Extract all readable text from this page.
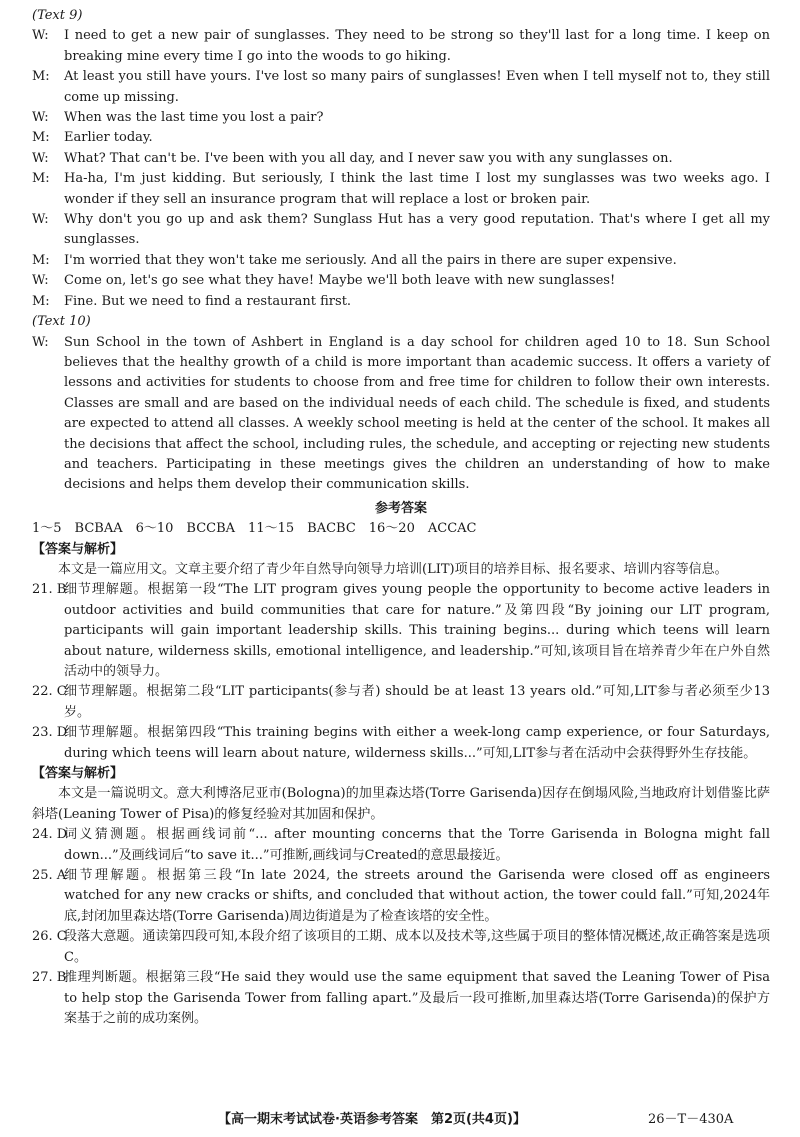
(Text 9)
W: I need to get a new pair of sunglasses. They need to be strong so they'll last for a long time. I keep on breaking mine every time I go into the woods to go hiking.
M: At least you still have yours. I've lost so many pairs of sunglasses! Even when I tell myself not to, they still come up missing.
W: When was the last time you lost a pair?
M: Earlier today.
W: What? That can't be. I've been with you all day, and I never saw you with any sunglasses on.
M: Ha-ha, I'm just kidding. But seriously, I think the last time I lost my sunglasses was two weeks ago. I wonder if they sell an insurance program that will replace a lost or broken pair.
W: Why don't you go up and ask them? Sunglass Hut has a very good reputation. That's where I get all my sunglasses.
M: I'm worried that they won't take me seriously. And all the pairs in there are super expensive.
W: Come on, let's go see what they have! Maybe we'll both leave with new sunglasses!
M: Fine. But we need to find a restaurant first.
(Text 10)
W: Sun School in the town of Ashbert in England is a day school for children aged 10 to 18. Sun School believes that the healthy growth of a child is more important than academic success. It offers a variety of lessons and activities for students to choose from and free time for children to follow their own interests. Classes are small and are based on the individual needs of each child. The schedule is fixed, and students are expected to attend all classes. A weekly school meeting is held at the center of the school. It makes all the decisions that affect the school, including rules, the schedule, and accepting or rejecting new students and teachers. Participating in these meetings gives the children an understanding of how to make decisions and helps them develop their communication skills.
参考答案
1～5　BCBAA　6～10　BCCBA　11～15　BACBC　16～20　ACCAC
【答案与解析】
本文是一篇应用文。文章主要介绍了青少年自然导向领导力培训(LIT)项目的培养目标、报名要求、培训内容等信息。
21. B
细节理解题。根据第一段“The LIT program gives young people the opportunity to become active leaders in outdoor activities and build communities that care for nature.”及第四段“By joining our LIT program, participants will gain important leadership skills. This training begins... during which teens will learn about nature, wilderness skills, emotional intelligence, and leadership.”可知,该项目旨在培养青少年在户外自然活动中的领导力。
22. C
细节理解题。根据第二段“LIT participants(参与者) should be at least 13 years old.”可知,LIT参与者必须至少13岁。
23. D
细节理解题。根据第四段“This training begins with either a week-long camp experience, or four Saturdays, during which teens will learn about nature, wilderness skills...”可知,LIT参与者在活动中会获得野外生存技能。
【答案与解析】
本文是一篇说明文。意大利博洛尼亚市(Bologna)的加里森达塔(Torre Garisenda)因存在倒塌风险,当地政府计划借鉴比萨斜塔(Leaning Tower of Pisa)的修复经验对其加固和保护。
24. D
词义猜测题。根据画线词前“... after mounting concerns that the Torre Garisenda in Bologna might fall down...”及画线词后“to save it...”可推断,画线词与Created的意思最接近。
25. A
细节理解题。根据第三段“In late 2024, the streets around the Garisenda were closed off as engineers watched for any new cracks or shifts, and concluded that without action, the tower could fall.”可知,2024年底,封闭加里森达塔(Torre Garisenda)周边街道是为了检查该塔的安全性。
26. C
段落大意题。通读第四段可知,本段介绍了该项目的工期、成本以及技术等,这些属于项目的整体情况概述,故正确答案是选项C。
27. B
推理判断题。根据第三段“He said they would use the same equipment that saved the Leaning Tower of Pisa to help stop the Garisenda Tower from falling apart.”及最后一段可推断,加里森达塔(Torre Garisenda)的保护方案基于之前的成功案例。
【高一期末考试试卷·英语参考答案　第2页(共4页)】	26－T－430A
